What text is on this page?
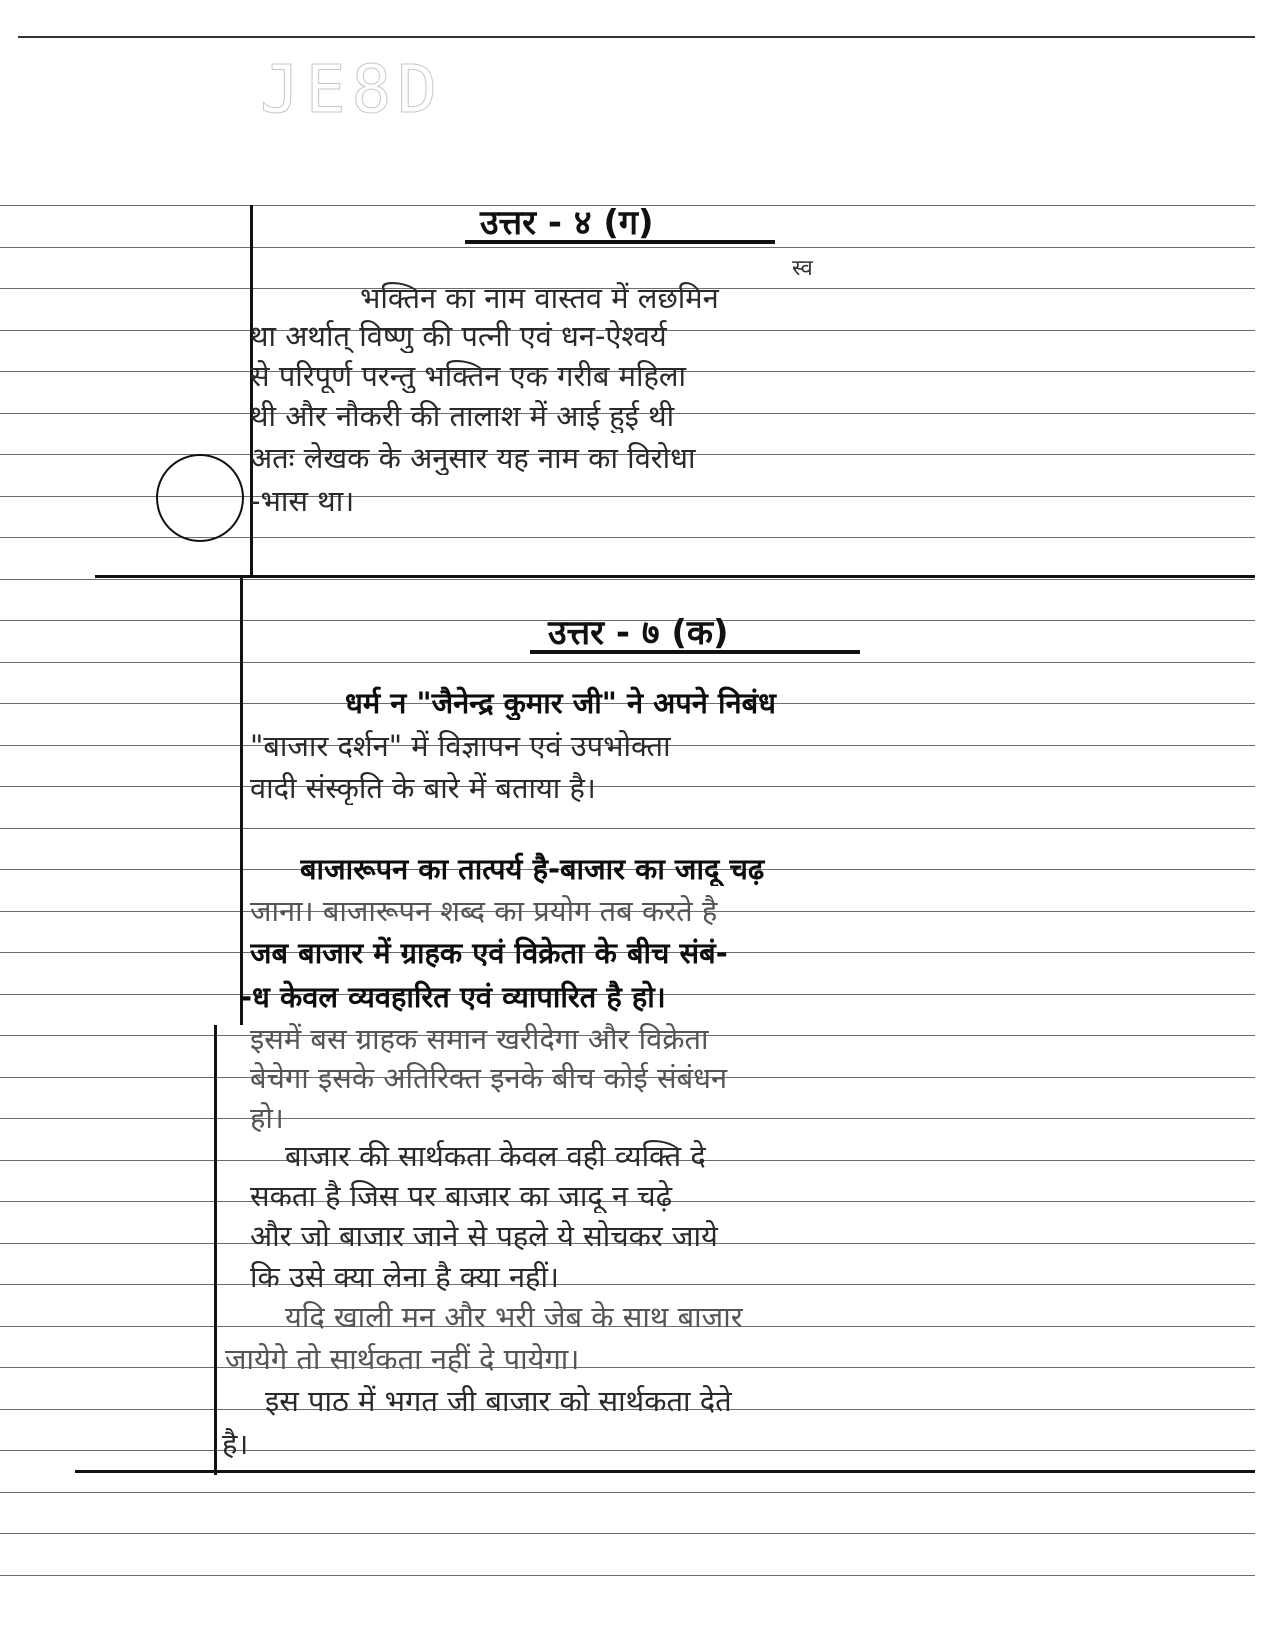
JE8D
उत्तर - ४ (ग)
स्व
भक्तिन का नाम वास्तव में लछमिन
था अर्थात् विष्णु की पत्नी एवं धन-ऐश्वर्य
से परिपूर्ण परन्तु भक्तिन एक गरीब महिला
थी और नौकरी की तालाश में आई हुई थी
अतः लेखक के अनुसार यह नाम का विरोधा
-भास था।
उत्तर - ७ (क)
धर्म न "जैनेन्द्र कुमार जी" ने अपने निबंध
"बाजार दर्शन" में विज्ञापन एवं उपभोक्ता
वादी संस्कृति के बारे में बताया है।
बाजारूपन का तात्पर्य है-बाजार का जादू चढ़
जाना। बाजारूपन शब्द का प्रयोग तब करते है
जब बाजार में ग्राहक एवं विक्रेता के बीच संबं-
-ध केवल व्यवहारित एवं व्यापारित है हो।
इसमें बस ग्राहक समान खरीदेगा और विक्रेता
बेचेगा इसके अतिरिक्त इनके बीच कोई संबंधन
हो।
बाजार की सार्थकता केवल वही व्यक्ति दे
सकता है जिस पर बाजार का जादू न चढ़े
और जो बाजार जाने से पहले ये सोचकर जाये
कि उसे क्या लेना है क्या नहीं।
यदि खाली मन और भरी जेब के साथ बाजार
जायेगे तो सार्थकता नहीं दे पायेगा।
इस पाठ में भगत जी बाजार को सार्थकता देते
है।
